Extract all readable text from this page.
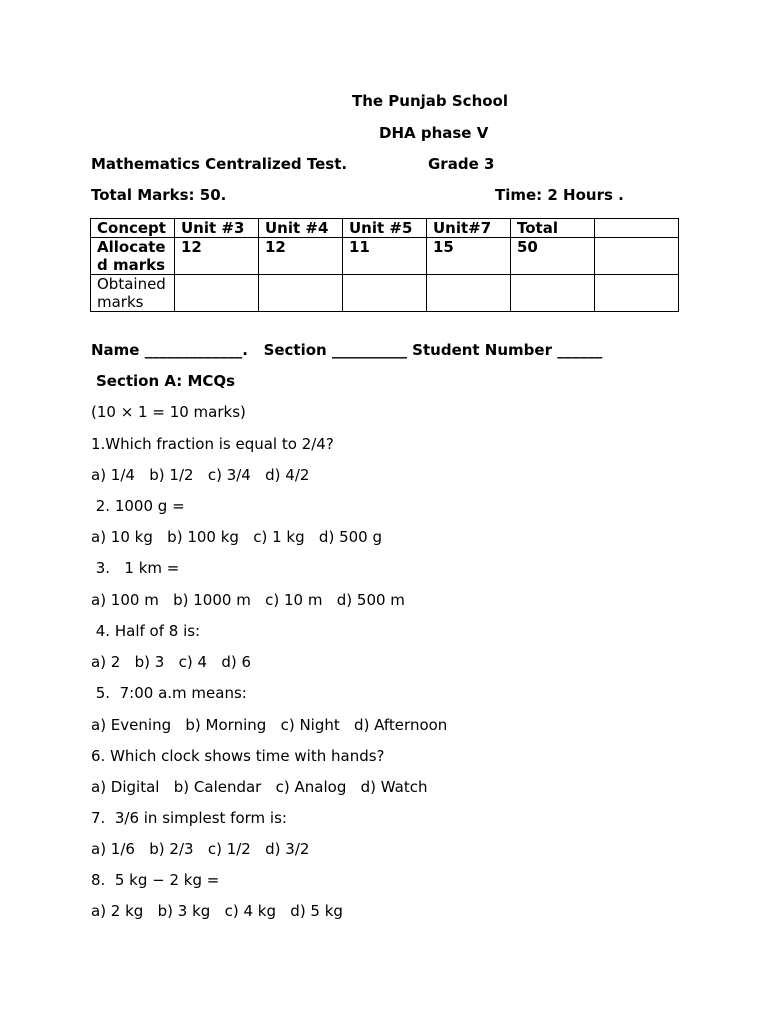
The Punjab School
DHA phase V
Mathematics Centralized Test.	Grade 3
Total Marks: 50.	Time: 2 Hours .
Concept	Unit #3	Unit #4	Unit #5	Unit#7	Total	
Allocated marks	12	12	11	15	50	
Obtained marks						
Name _____________.   Section __________ Student Number ______
Section A: MCQs
(10 × 1 = 10 marks)
1.Which fraction is equal to 2/4?
a) 1/4   b) 1/2   c) 3/4   d) 4/2
2. 1000 g =
a) 10 kg   b) 100 kg   c) 1 kg   d) 500 g
3.   1 km =
a) 100 m   b) 1000 m   c) 10 m   d) 500 m
4. Half of 8 is:
a) 2   b) 3   c) 4   d) 6
5.  7:00 a.m means:
a) Evening   b) Morning   c) Night   d) Afternoon
6. Which clock shows time with hands?
a) Digital   b) Calendar   c) Analog   d) Watch
7.  3/6 in simplest form is:
a) 1/6   b) 2/3   c) 1/2   d) 3/2
8.  5 kg − 2 kg =
a) 2 kg   b) 3 kg   c) 4 kg   d) 5 kg
